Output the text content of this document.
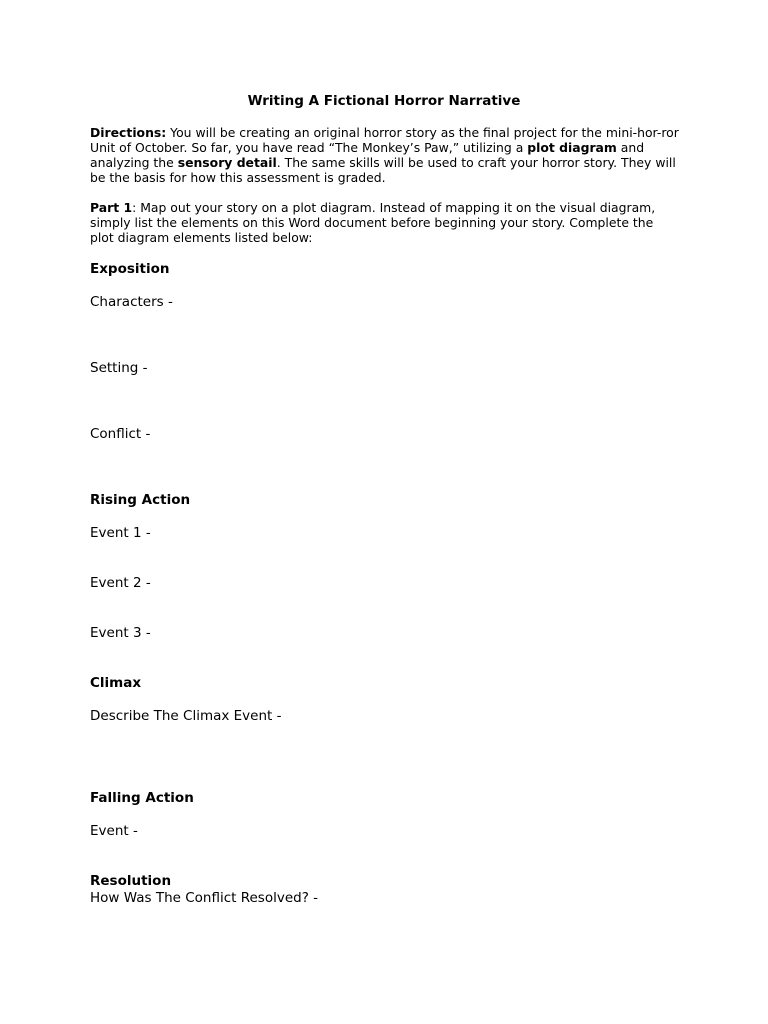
Writing A Fictional Horror Narrative

Directions: You will be creating an original horror story as the final project for the mini-hor-ror Unit of October. So far, you have read “The Monkey’s Paw,” utilizing a plot diagram and analyzing the sensory detail. The same skills will be used to craft your horror story. They will be the basis for how this assessment is graded.

Part 1: Map out your story on a plot diagram. Instead of mapping it on the visual diagram, simply list the elements on this Word document before beginning your story. Complete the plot diagram elements listed below:

Exposition

Characters -

Setting -

Conflict -

Rising Action

Event 1 -

Event 2 -

Event 3 -

Climax

Describe The Climax Event -

Falling Action

Event -

Resolution

How Was The Conflict Resolved? -
